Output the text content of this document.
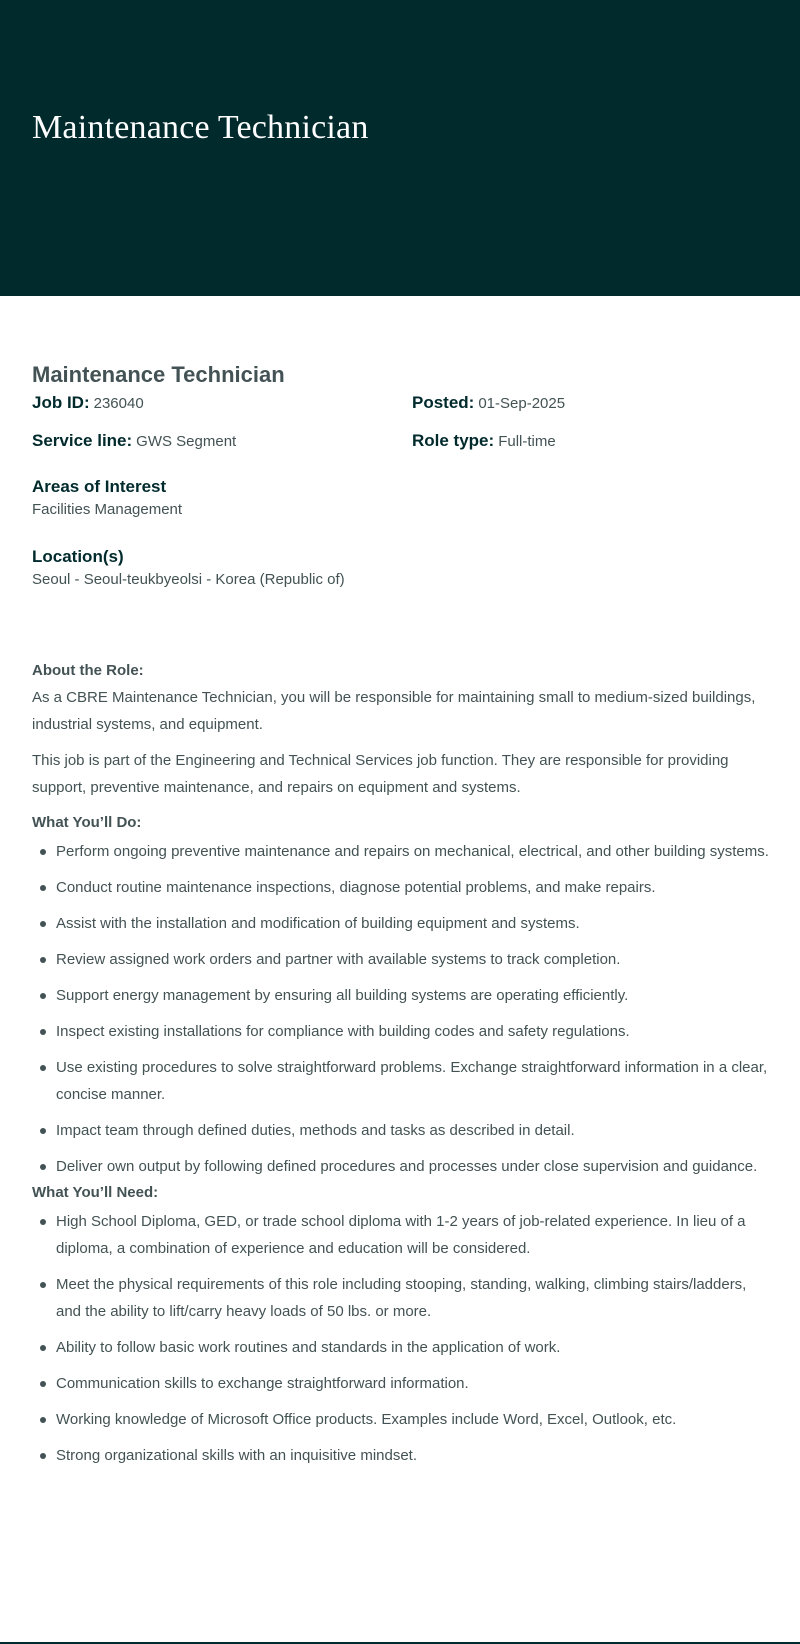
Maintenance Technician
Maintenance Technician
Job ID: 236040	Posted: 01-Sep-2025
Service line: GWS Segment	Role type: Full-time
Areas of Interest
Facilities Management
Location(s)
Seoul - Seoul-teukbyeolsi - Korea (Republic of)
About the Role:

As a CBRE Maintenance Technician, you will be responsible for maintaining small to medium-sized buildings, industrial systems, and equipment.

This job is part of the Engineering and Technical Services job function. They are responsible for providing support, preventive maintenance, and repairs on equipment and systems.

What You’ll Do:
Perform ongoing preventive maintenance and repairs on mechanical, electrical, and other building systems.
Conduct routine maintenance inspections, diagnose potential problems, and make repairs.
Assist with the installation and modification of building equipment and systems.
Review assigned work orders and partner with available systems to track completion.
Support energy management by ensuring all building systems are operating efficiently.
Inspect existing installations for compliance with building codes and safety regulations.
Use existing procedures to solve straightforward problems. Exchange straightforward information in a clear, concise manner.
Impact team through defined duties, methods and tasks as described in detail.
Deliver own output by following defined procedures and processes under close supervision and guidance.
What You’ll Need:
High School Diploma, GED, or trade school diploma with 1-2 years of job-related experience. In lieu of a diploma, a combination of experience and education will be considered.
Meet the physical requirements of this role including stooping, standing, walking, climbing stairs/ladders, and the ability to lift/carry heavy loads of 50 lbs. or more.
Ability to follow basic work routines and standards in the application of work.
Communication skills to exchange straightforward information.
Working knowledge of Microsoft Office products. Examples include Word, Excel, Outlook, etc.
Strong organizational skills with an inquisitive mindset.
